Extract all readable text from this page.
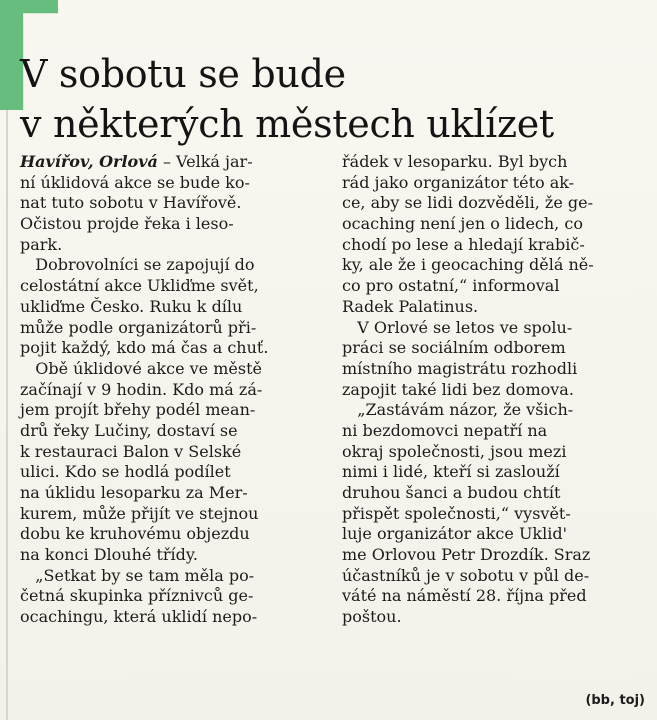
V sobotu se bude
v některých městech uklízet
Havířov, Orlová – Velká jar-
ní úklidová akce se bude ko-
nat tuto sobotu v Havířově.
Očistou projde řeka i leso-
park.
Dobrovolníci se zapojují do
celostátní akce Ukliďme svět,
ukliďme Česko. Ruku k dílu
může podle organizátorů při-
pojit každý, kdo má čas a chuť.
Obě úklidové akce ve městě
začínají v 9 hodin. Kdo má zá-
jem projít břehy podél mean-
drů řeky Lučiny, dostaví se
k restauraci Balon v Selské
ulici. Kdo se hodlá podílet
na úklidu lesoparku za Mer-
kurem, může přijít ve stejnou
dobu ke kruhovému objezdu
na konci Dlouhé třídy.
„Setkat by se tam měla po-
četná skupinka příznivců ge-
ocachingu, která uklidí nepo-
řádek v lesoparku. Byl bych
rád jako organizátor této ak-
ce, aby se lidi dozvěděli, že ge-
ocaching není jen o lidech, co
chodí po lese a hledají krabič-
ky, ale že i geocaching dělá ně-
co pro ostatní,“ informoval
Radek Palatinus.
V Orlové se letos ve spolu-
práci se sociálním odborem
místního magistrátu rozhodli
zapojit také lidi bez domova.
„Zastávám názor, že všich-
ni bezdomovci nepatří na
okraj společnosti, jsou mezi
nimi i lidé, kteří si zaslouží
druhou šanci a budou chtít
přispět společnosti,“ vysvět-
luje organizátor akce Uklid'
me Orlovou Petr Drozdík. Sraz
účastníků je v sobotu v půl de-
váté na náměstí 28. října před
poštou.
(bb, toj)
